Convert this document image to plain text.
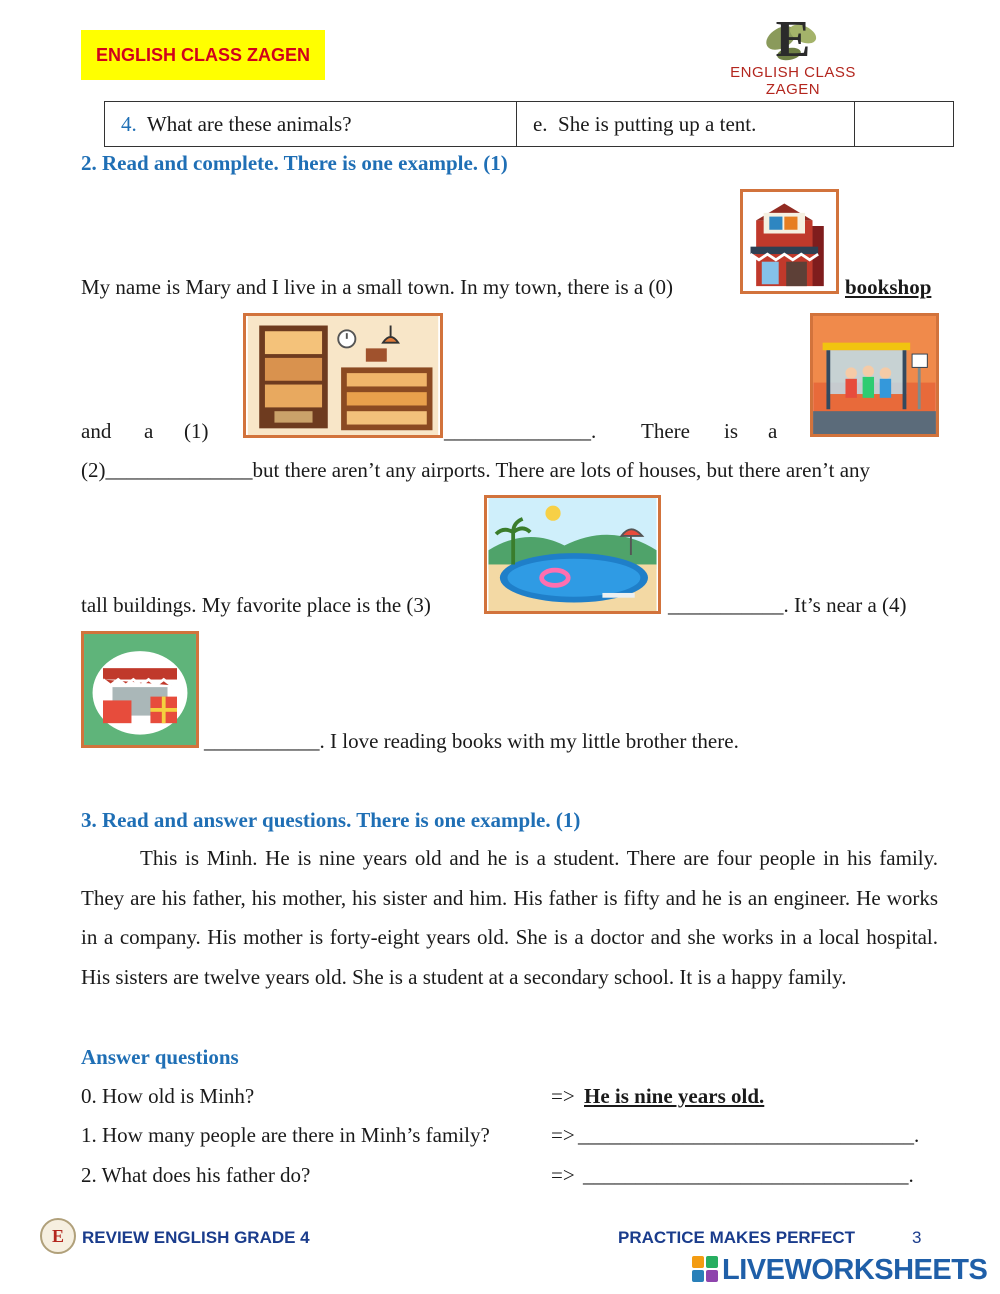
ENGLISH CLASS ZAGEN	E
ENGLISH CLASS ZAGEN
4. What are these animals?	e. She is putting up a tent.	
2. Read and complete. There is one example. (1)
My name is Mary and I live in a small town. In my town, there is a (0)	bookshop
and a (1)	______________. There is a
(2)______________but there aren’t any airports. There are lots of houses, but there aren’t any
tall buildings. My favorite place is the (3)	___________. It’s near a (4)
___________. I love reading books with my little brother there.
3. Read and answer questions. There is one example. (1)
This is Minh. He is nine years old and he is a student. There are four people in his family. They are his father, his mother, his sister and him. His father is fifty and he is an engineer. He works in a company. His mother is forty-eight years old. She is a doctor and she works in a local hospital. His sisters are twelve years old. She is a student at a secondary school. It is a happy family.
Answer questions
0. How old is Minh?	=> He is nine years old.
1. How many people are there in Minh’s family?	=> ________________________________.
2. What does his father do?	=> _______________________________.
E REVIEW ENGLISH GRADE 4	PRACTICE MAKES PERFECT	3
LIVEWORKSHEETS
